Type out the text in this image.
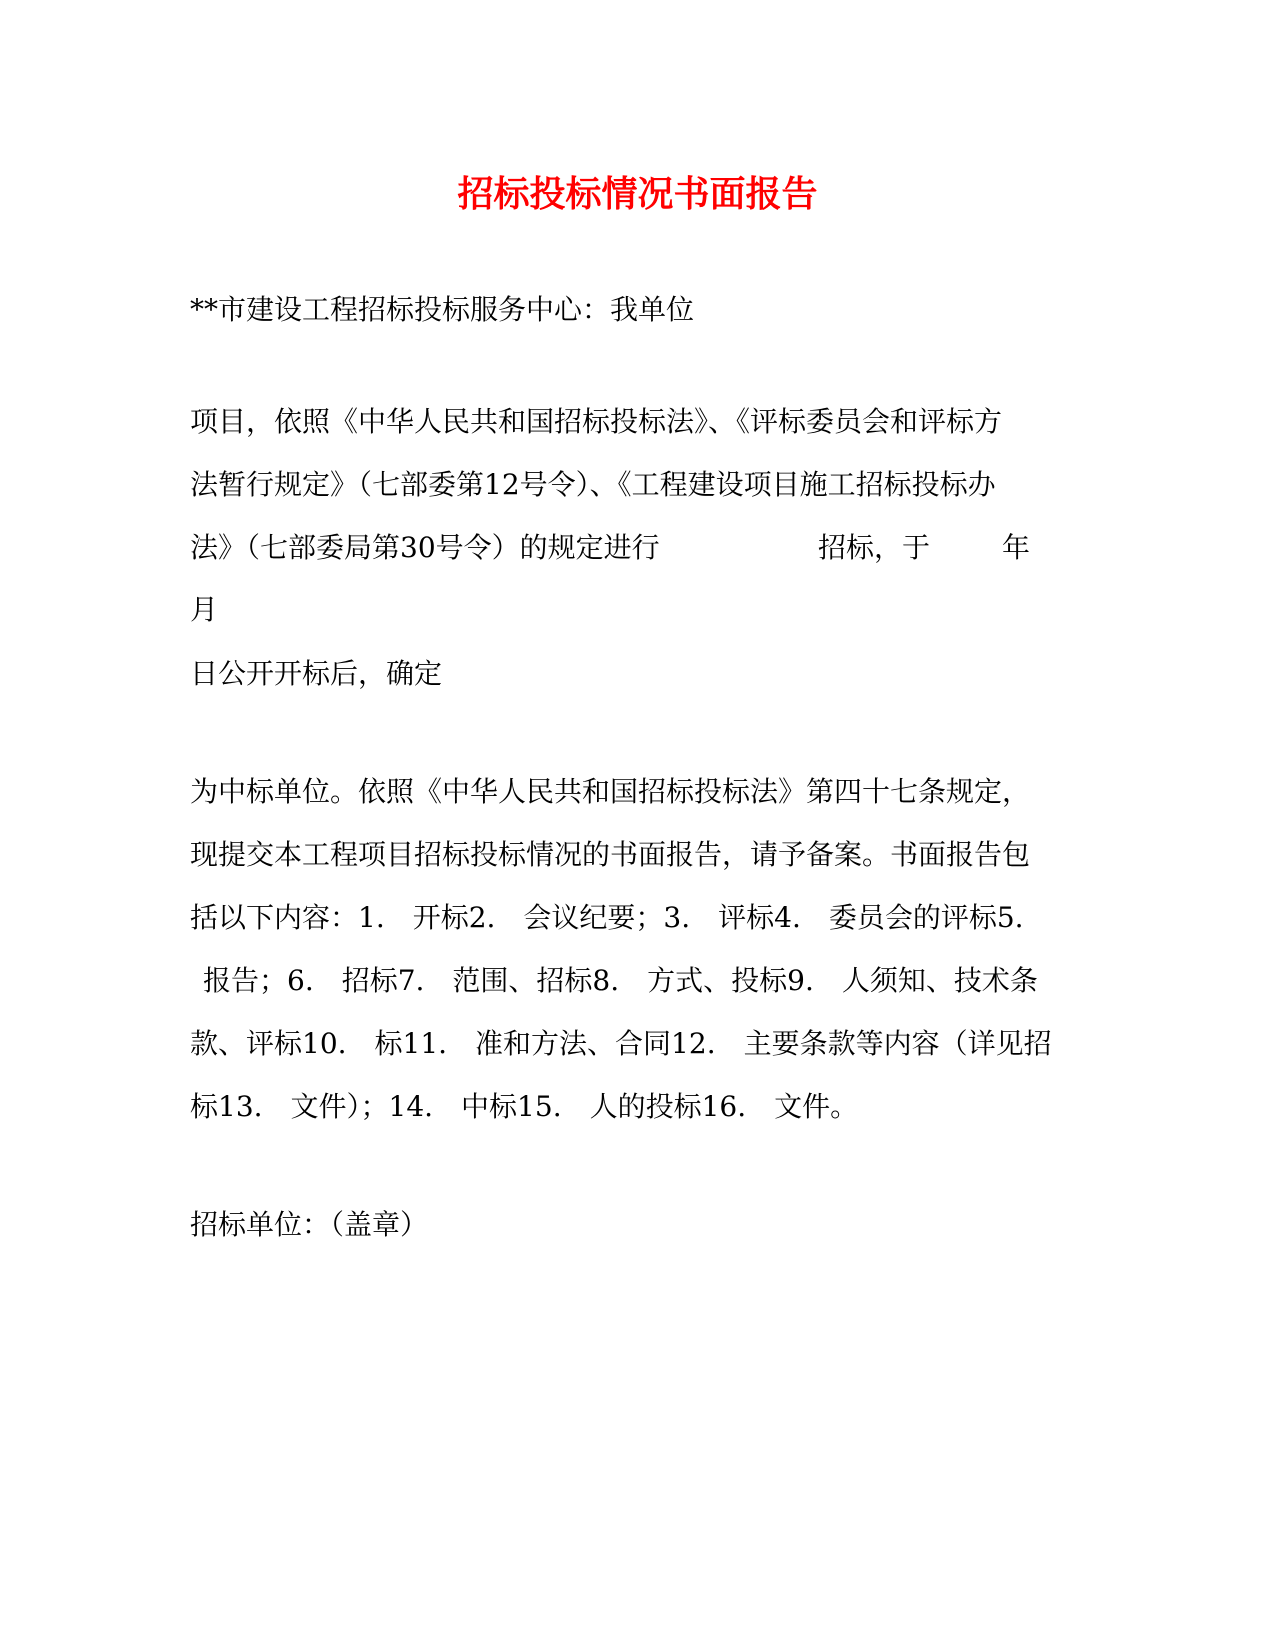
招标投标情况书面报告
**市建设工程招标投标服务中心：我单位
项目，依照《中华人民共和国招标投标法》、《评标委员会和评标方
法暂行规定》（七部委第12号令）、《工程建设项目施工招标投标办
法》（七部委局第30号令）的规定进行	招标，于	年
月
日公开开标后，确定
为中标单位。依照《中华人民共和国招标投标法》第四十七条规定，
现提交本工程项目招标投标情况的书面报告，请予备案。书面报告包
括以下内容：1.　开标2.　会议纪要；3.　评标4.　委员会的评标5.
报告；6.　招标7.　范围、招标8.　方式、投标9.　人须知、技术条
款、评标10.　标11.　准和方法、合同12.　主要条款等内容（详见招
标13.　文件）；14.　中标15.　人的投标16.　文件。
招标单位：（盖章）
